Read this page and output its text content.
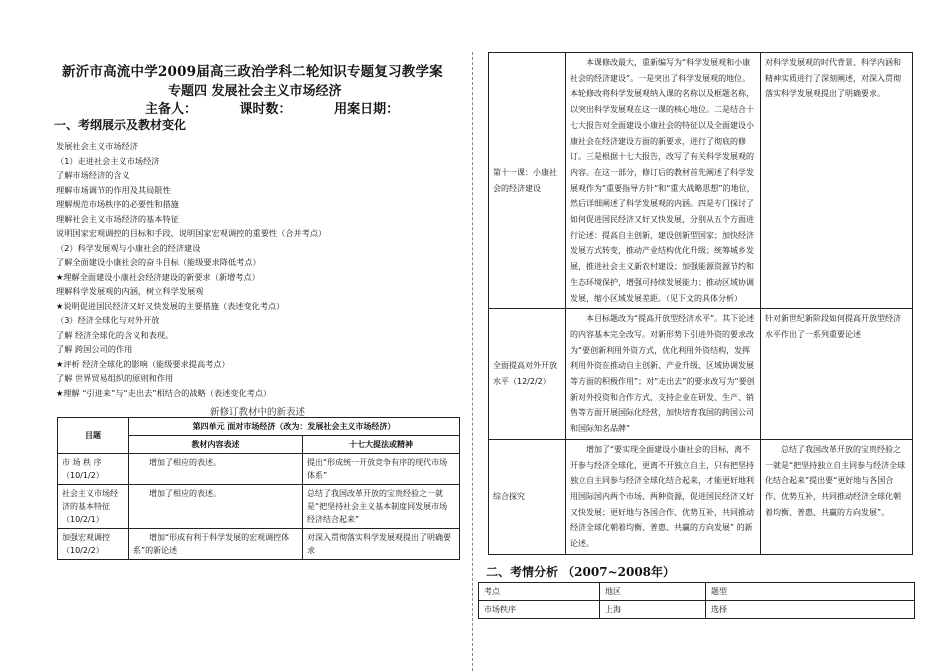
新沂市高流中学2009届高三政治学科二轮知识专题复习教学案
专题四 发展社会主义市场经济
主备人：	课时数：	用案日期：
一、考纲展示及教材变化
发展社会主义市场经济
（1）走进社会主义市场经济
了解市场经济的含义
理解市场调节的作用及其局限性
理解规范市场秩序的必要性和措施
理解社会主义市场经济的基本特征
说明国家宏观调控的目标和手段，说明国家宏观调控的重要性（合并考点）
（2）科学发展观与小康社会的经济建设
了解全面建设小康社会的奋斗目标（能级要求降低考点）
★理解全面建设小康社会经济建设的新要求（新增考点）
理解科学发展观的内涵，树立科学发展观
★说明促进国民经济又好又快发展的主要措施（表述变化考点）
（3）经济全球化与对外开放
了解 经济全球化的含义和表现。
了解 跨国公司的作用
★评析 经济全球化的影响（能级要求提高考点）
了解 世界贸易组织的原则和作用
★理解 “引进来”与“走出去”相结合的战略（表述变化考点）
新修订教材中的新表述
目题	第四单元 面对市场经济（改为：发展社会主义市场经济）	
	教材内容表述	十七大提法或精神
市 场 秩 序（10/1/2）	增加了相应的表述。	提出“形成统一开放竞争有序的现代市场体系”
社会主义市场经济的基本特征（10/2/1）	增加了相应的表述。	总结了我国改革开放的宝贵经验之一就是“把坚持社会主义基本制度同发展市场经济结合起来”
加强宏观调控（10/2/2）	增加“形成有利于科学发展的宏观调控体系”的新论述	对深入贯彻落实科学发展观提出了明确要求
第十一课：小康社会的经济建设	本课修改最大，重新编写为“科学发展观和小康社会的经济建设”。一是突出了科学发展观的地位。本轮修改将科学发展观纳入课的名称以及框题名称，以突出科学发展观在这一课的核心地位。二是结合十七大报告对全面建设小康社会的特征以及全面建设小康社会在经济建设方面的新要求，进行了彻底的修订。三是根据十七大报告，改写了有关科学发展观的内容。在这一部分，修订后的教材首先阐述了科学发展观作为“重要指导方针”和“重大战略思想”的地位，然后详细阐述了科学发展观的内涵。四是专门探讨了如何促进国民经济又好又快发展，分别从五个方面进行论述：提高自主创新，建设创新型国家；加快经济发展方式转变，推动产业结构优化升级；统筹城乡发展，推进社会主义新农村建设；加强能源资源节约和生态环境保护，增强可持续发展能力；推动区域协调发展，缩小区域发展差距。（见下文的具体分析）	对科学发展观的时代背景、科学内涵和精神实质进行了深刻阐述，对深入贯彻落实科学发展观提出了明确要求。
全面提高对外开放水平（12/2/2）	本目标题改为“提高开放型经济水平”。其下论述的内容基本完全改写。对新形势下引进外资的要求改为“要创新利用外资方式，优化利用外资结构，发挥利用外资在推动自主创新、产业升级、区域协调发展等方面的积极作用”；对“走出去”的要求改写为“要创新对外投资和合作方式，支持企业在研发、生产、销售等方面开展国际化经营，加快培育我国的跨国公司和国际知名品牌”	针对新世纪新阶段如何提高开放型经济水平作出了一系列重要论述
综合探究	增加了“要实现全面建设小康社会的目标，离不开参与经济全球化，更离不开独立自主，只有把坚持独立自主同参与经济全球化结合起来，才能更好地利用国际国内两个市场、两种资源，促进国民经济又好又快发展；更好地与各国合作、优势互补，共同推动经济全球化朝着均衡、普惠、共赢的方向发展” 的新论述。	总结了我国改革开放的宝贵经验之一就是“把坚持独立自主同参与经济全球化结合起来”提出要“更好地与各国合作、优势互补，共同推动经济全球化朝着均衡、普惠、共赢的方向发展”。
二、考情分析 （2007~2008年）
考点	地区	题型
市场秩序	上海	选择
